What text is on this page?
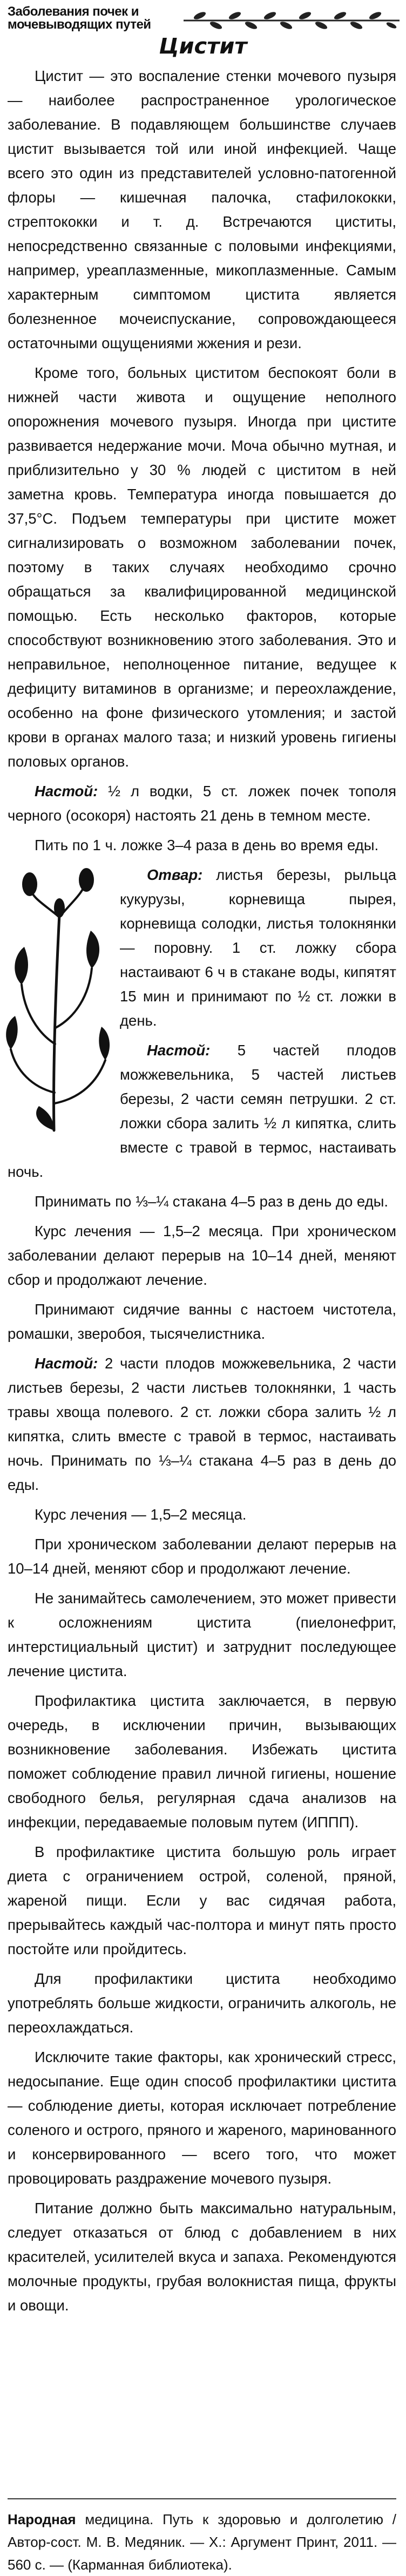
Заболевания почек и мочевыводящих путей
Цистит

Цистит — это воспаление стенки мочевого пузыря — наиболее распространенное урологическое заболевание. В подавляющем большинстве случаев цистит вызывается той или иной инфекцией. Чаще всего это один из представителей условно-патогенной флоры — кишечная палочка, стафилококки, стрептококки и т. д. Встречаются циститы, непосредственно связанные с половыми инфекциями, например, уреаплазменные, микоплазменные. Самым характерным симптомом цистита является болезненное мочеиспускание, сопровождающееся остаточными ощущениями жжения и рези.

Кроме того, больных циститом беспокоят боли в нижней части живота и ощущение неполного опорожнения мочевого пузыря. Иногда при цистите развивается недержание мочи. Моча обычно мутная, и приблизительно у 30 % людей с циститом в ней заметна кровь. Температура иногда повышается до 37,5°С. Подъем температуры при цистите может сигнализировать о возможном заболевании почек, поэтому в таких случаях необходимо срочно обращаться за квалифицированной медицинской помощью. Есть несколько факторов, которые способствуют возникновению этого заболевания. Это и неправильное, неполноценное питание, ведущее к дефициту витаминов в организме; и переохлаждение, особенно на фоне физического утомления; и застой крови в органах малого таза; и низкий уровень гигиены половых органов.

Настой: ½ л водки, 5 ст. ложек почек тополя черного (осокоря) настоять 21 день в темном месте.

Пить по 1 ч. ложке 3–4 раза в день во время еды.

Отвар: листья березы, рыльца кукурузы, корневища пырея, корневища солодки, листья толокнянки — поровну. 1 ст. ложку сбора настаивают 6 ч в стакане воды, кипятят 15 мин и принимают по ½ ст. ложки в день.

Настой: 5 частей плодов можжевельника, 5 частей листьев березы, 2 части семян петрушки. 2 ст. ложки сбора залить ½ л кипятка, слить вместе с травой в термос, настаивать ночь.

Принимать по ⅓–¼ стакана 4–5 раз в день до еды.

Курс лечения — 1,5–2 месяца. При хроническом заболевании делают перерыв на 10–14 дней, меняют сбор и продолжают лечение.

Принимают сидячие ванны с настоем чистотела, ромашки, зверобоя, тысячелистника.

Настой: 2 части плодов можжевельника, 2 части листьев березы, 2 части листьев толокнянки, 1 часть травы хвоща полевого. 2 ст. ложки сбора залить ½ л кипятка, слить вместе с травой в термос, настаивать ночь. Принимать по ⅓–¼ стакана 4–5 раз в день до еды.

Курс лечения — 1,5–2 месяца.

При хроническом заболевании делают перерыв на 10–14 дней, меняют сбор и продолжают лечение.

Не занимайтесь самолечением, это может привести к осложнениям цистита (пиелонефрит, интерстициальный цистит) и затруднит последующее лечение цистита.

Профилактика цистита заключается, в первую очередь, в исключении причин, вызывающих возникновение заболевания. Избежать цистита поможет соблюдение правил личной гигиены, ношение свободного белья, регулярная сдача анализов на инфекции, передаваемые половым путем (ИППП).

В профилактике цистита большую роль играет диета с ограничением острой, соленой, пряной, жареной пищи. Если у вас сидячая работа, прерывайтесь каждый час-полтора и минут пять просто постойте или пройдитесь.

Для профилактики цистита необходимо употреблять больше жидкости, ограничить алкоголь, не переохлаждаться.

Исключите такие факторы, как хронический стресс, недосыпание. Еще один способ профилактики цистита — соблюдение диеты, которая исключает потребление соленого и острого, пряного и жареного, маринованного и консервированного — всего того, что может провоцировать раздражение мочевого пузыря.

Питание должно быть максимально натуральным, следует отказаться от блюд с добавлением в них красителей, усилителей вкуса и запаха. Рекомендуются молочные продукты, грубая волокнистая пища, фрукты и овощи.

Народная медицина. Путь к здоровью и долголетию / Автор-сост. М. В. Медяник. — Х.: Аргумент Принт, 2011. — 560 с. — (Карманная библиотека).
